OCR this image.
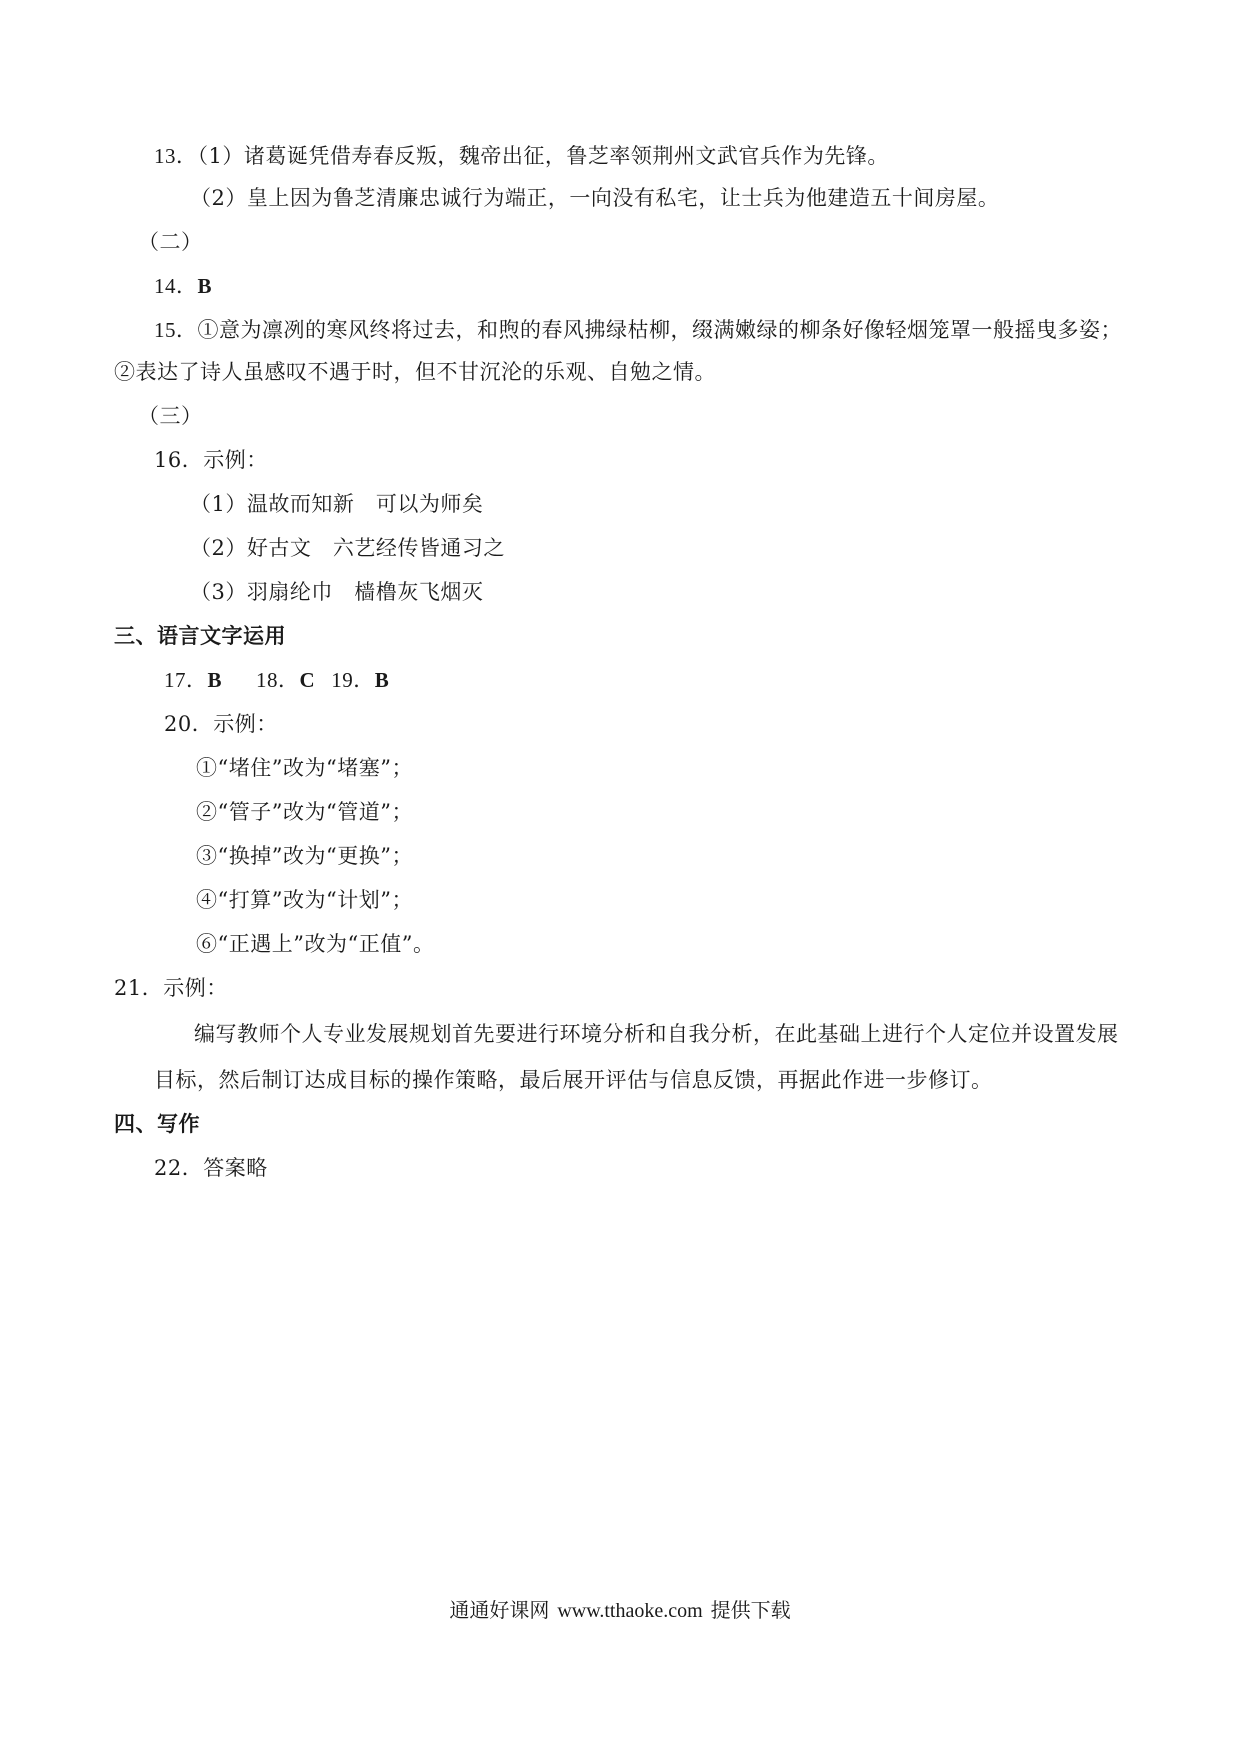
13．（1）诸葛诞凭借寿春反叛，魏帝出征，鲁芝率领荆州文武官兵作为先锋。
（2）皇上因为鲁芝清廉忠诚行为端正，一向没有私宅，让士兵为他建造五十间房屋。
（二）
14．B
15．①意为凛冽的寒风终将过去，和煦的春风拂绿枯柳，缀满嫩绿的柳条好像轻烟笼罩一般摇曳多姿；
②表达了诗人虽感叹不遇于时，但不甘沉沦的乐观、自勉之情。
（三）
16．示例：
（1）温故而知新　可以为师矣
（2）好古文　六艺经传皆通习之
（3）羽扇纶巾　樯橹灰飞烟灭
三、语言文字运用
17．B 18．C 19．B
20．示例：
①“堵住”改为“堵塞”；
②“管子”改为“管道”；
③“换掉”改为“更换”；
④“打算”改为“计划”；
⑥“正遇上”改为“正值”。
21．示例：
编写教师个人专业发展规划首先要进行环境分析和自我分析，在此基础上进行个人定位并设置发展
目标，然后制订达成目标的操作策略，最后展开评估与信息反馈，再据此作进一步修订。
四、写作
22．答案略
通通好课网 www.tthaoke.com 提供下载
